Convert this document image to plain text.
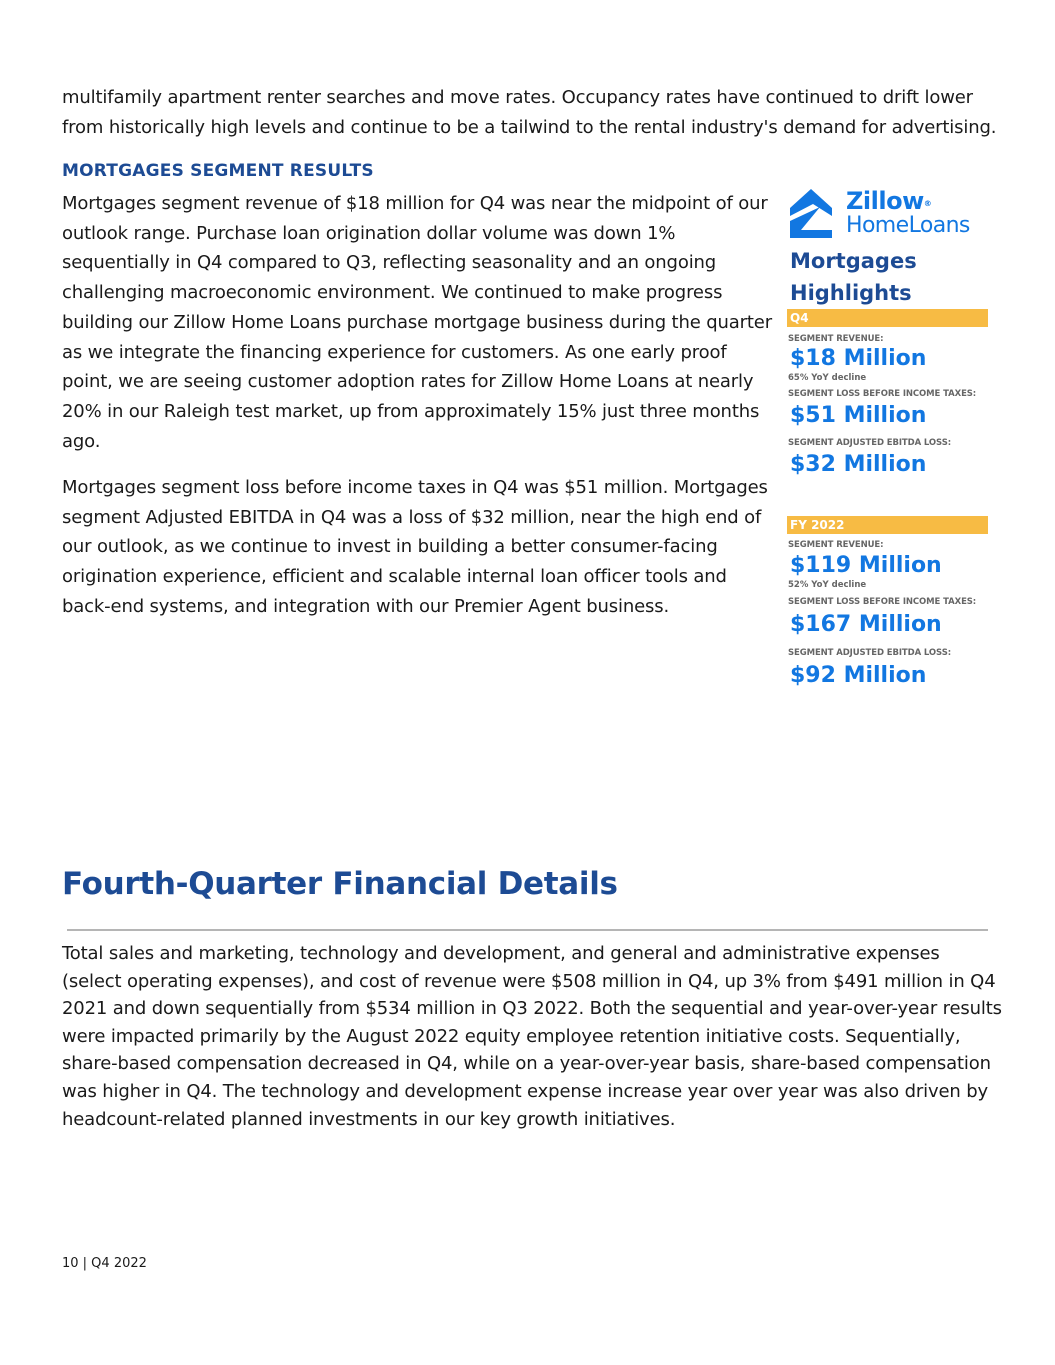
multifamily apartment renter searches and move rates. Occupancy rates have continued to drift lower from historically high levels and continue to be a tailwind to the rental industry's demand for advertising.

MORTGAGES SEGMENT RESULTS

Mortgages segment revenue of $18 million for Q4 was near the midpoint of our outlook range. Purchase loan origination dollar volume was down 1% sequentially in Q4 compared to Q3, reflecting seasonality and an ongoing challenging macroeconomic environment. We continued to make progress building our Zillow Home Loans purchase mortgage business during the quarter as we integrate the financing experience for customers. As one early proof point, we are seeing customer adoption rates for Zillow Home Loans at nearly 20% in our Raleigh test market, up from approximately 15% just three months ago.

Mortgages segment loss before income taxes in Q4 was $51 million. Mortgages segment Adjusted EBITDA in Q4 was a loss of $32 million, near the high end of our outlook, as we continue to invest in building a better consumer-facing origination experience, efficient and scalable internal loan officer tools and back-end systems, and integration with our Premier Agent business.

Zillow®
HomeLoans
Mortgages
Highlights
Q4
SEGMENT REVENUE:
$18 Million
65% YoY decline
SEGMENT LOSS BEFORE INCOME TAXES:
$51 Million
SEGMENT ADJUSTED EBITDA LOSS:
$32 Million
FY 2022
SEGMENT REVENUE:
$119 Million
52% YoY decline
SEGMENT LOSS BEFORE INCOME TAXES:
$167 Million
SEGMENT ADJUSTED EBITDA LOSS:
$92 Million
Fourth-Quarter Financial Details

Total sales and marketing, technology and development, and general and administrative expenses (select operating expenses), and cost of revenue were $508 million in Q4, up 3% from $491 million in Q4 2021 and down sequentially from $534 million in Q3 2022. Both the sequential and year-over-year results were impacted primarily by the August 2022 equity employee retention initiative costs. Sequentially, share-based compensation decreased in Q4, while on a year-over-year basis, share-based compensation was higher in Q4. The technology and development expense increase year over year was also driven by headcount-related planned investments in our key growth initiatives.

10 | Q4 2022
